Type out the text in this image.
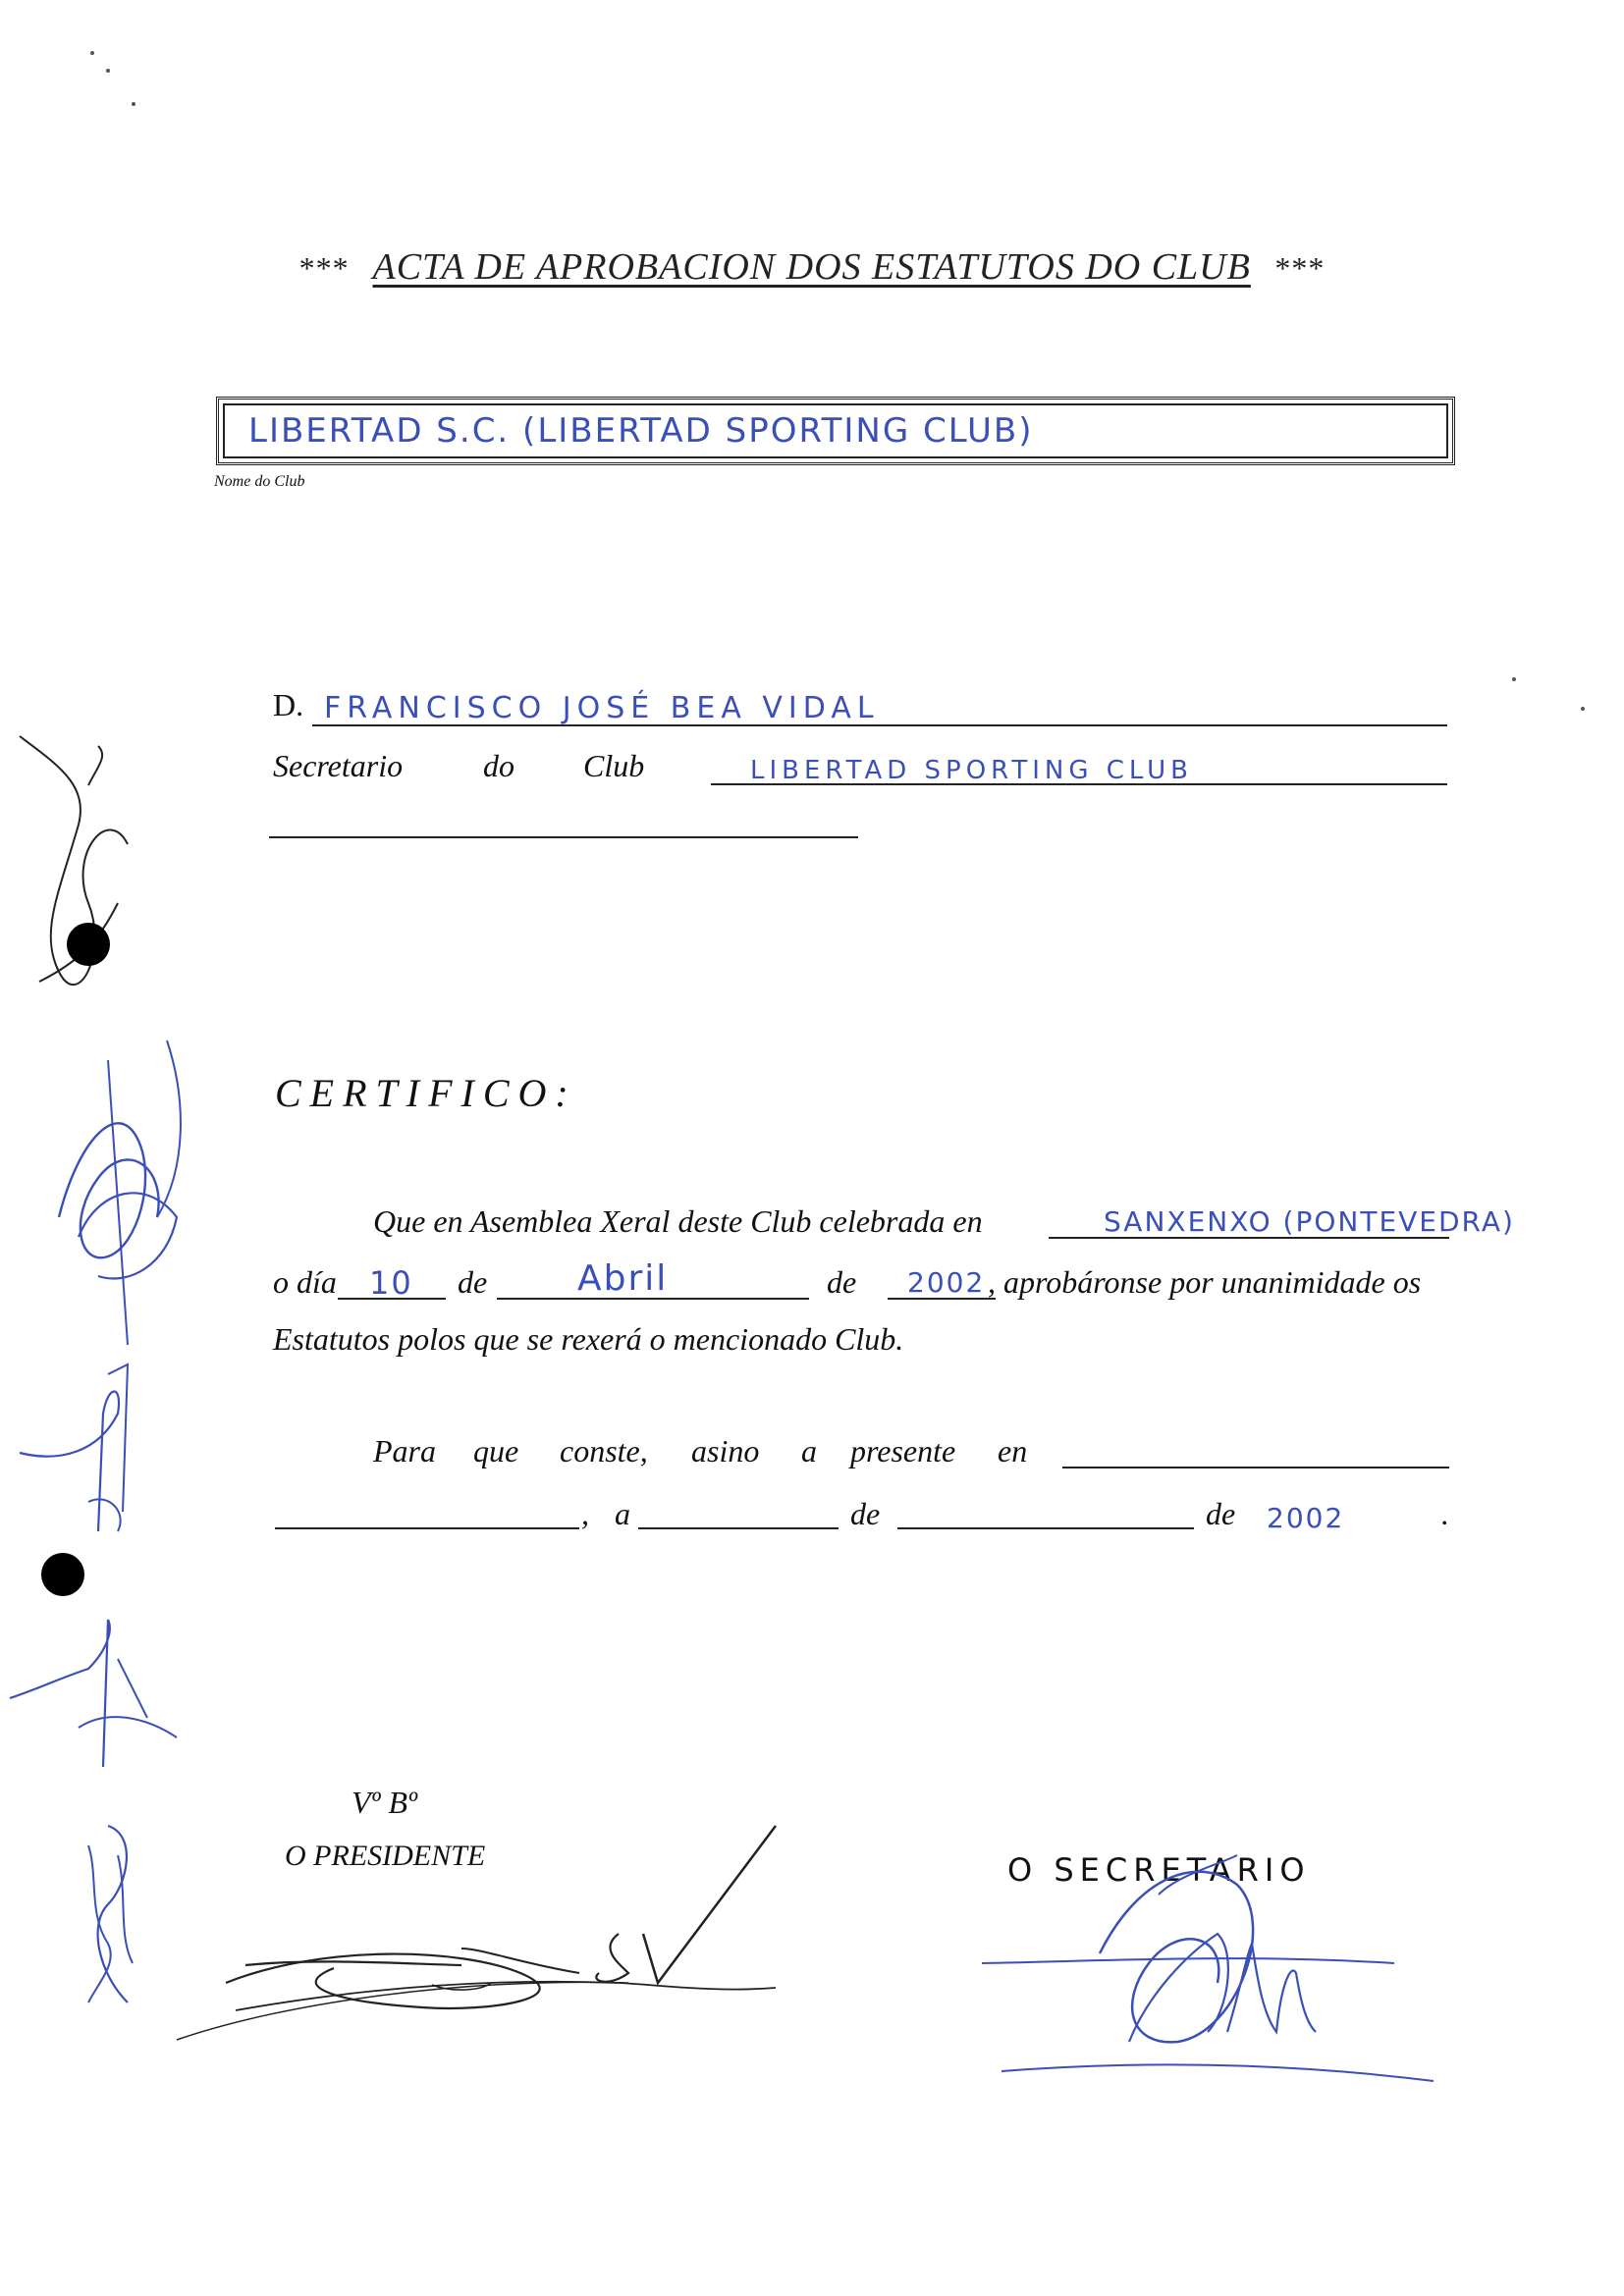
*** ACTA DE APROBACION DOS ESTATUTOS DO CLUB ***
LIBERTAD S.C. (LIBERTAD SPORTING CLUB)
Nome do Club
D. FRANCISCO JOSÉ BEA VIDAL
Secretario	do Club	LIBERTAD SPORTING CLUB
CERTIFICO:
Que en Asemblea Xeral deste Club celebrada en	SANXENXO (PONTEVEDRA)
o día 10 de	Abril	de 2002 , aprobáronse por unanimidade os
Estatutos polos que se rexerá o mencionado Club.
Para que conste, asino a presente en
, a	de	de 2002	.
Vº Bº
O PRESIDENTE	O SECRETARIO
